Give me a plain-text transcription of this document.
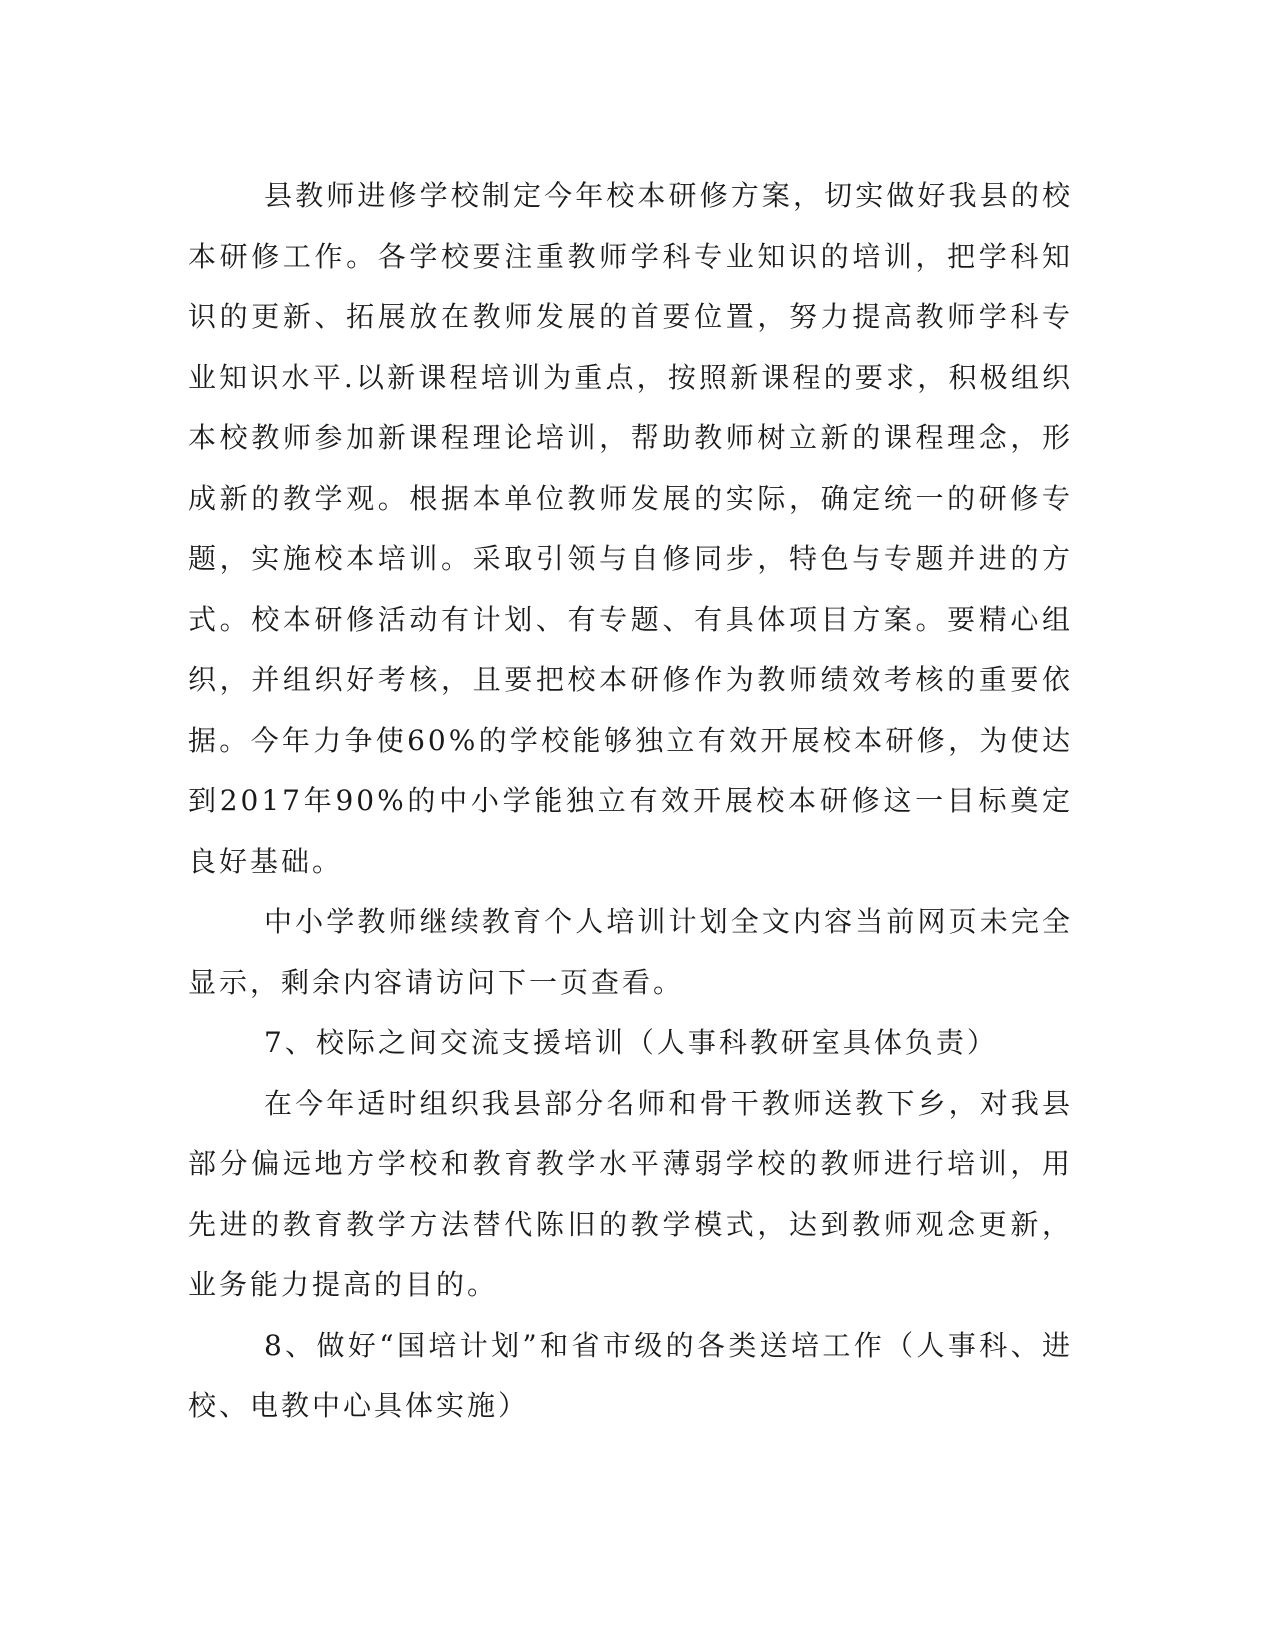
县教师进修学校制定今年校本研修方案，切实做好我县的校本研修工作。各学校要注重教师学科专业知识的培训，把学科知识的更新、拓展放在教师发展的首要位置，努力提高教师学科专业知识水平.以新课程培训为重点，按照新课程的要求，积极组织本校教师参加新课程理论培训，帮助教师树立新的课程理念，形成新的教学观。根据本单位教师发展的实际，确定统一的研修专题，实施校本培训。采取引领与自修同步，特色与专题并进的方式。校本研修活动有计划、有专题、有具体项目方案。要精心组织，并组织好考核，且要把校本研修作为教师绩效考核的重要依据。今年力争使60%的学校能够独立有效开展校本研修，为使达到2017年90%的中小学能独立有效开展校本研修这一目标奠定良好基础。

中小学教师继续教育个人培训计划全文内容当前网页未完全显示，剩余内容请访问下一页查看。

7、校际之间交流支援培训（人事科教研室具体负责）

在今年适时组织我县部分名师和骨干教师送教下乡，对我县部分偏远地方学校和教育教学水平薄弱学校的教师进行培训，用先进的教育教学方法替代陈旧的教学模式，达到教师观念更新，业务能力提高的目的。

8、做好“国培计划”和省市级的各类送培工作（人事科、进校、电教中心具体实施）
